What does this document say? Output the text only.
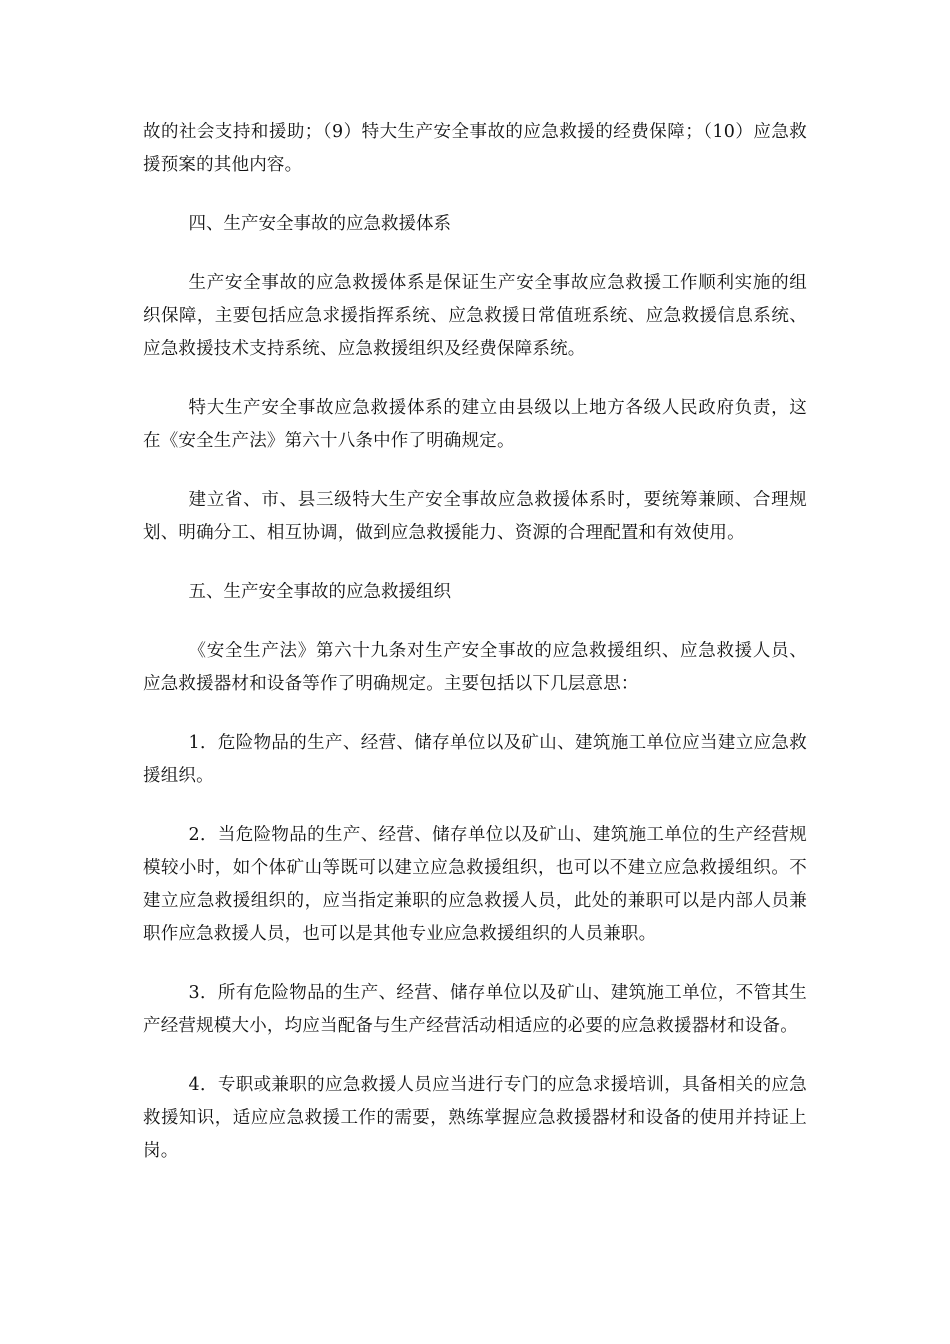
故的社会支持和援助；（9）特大生产安全事故的应急救援的经费保障；（10）应急救援预案的其他内容。

四、生产安全事故的应急救援体系

生产安全事故的应急救援体系是保证生产安全事故应急救援工作顺利实施的组织保障，主要包括应急求援指挥系统、应急救援日常值班系统、应急救援信息系统、应急救援技术支持系统、应急救援组织及经费保障系统。

特大生产安全事故应急救援体系的建立由县级以上地方各级人民政府负责，这在《安全生产法》第六十八条中作了明确规定。

建立省、市、县三级特大生产安全事故应急救援体系时，要统筹兼顾、合理规划、明确分工、相互协调，做到应急救援能力、资源的合理配置和有效使用。

五、生产安全事故的应急救援组织

《安全生产法》第六十九条对生产安全事故的应急救援组织、应急救援人员、应急救援器材和设备等作了明确规定。主要包括以下几层意思：

1．危险物品的生产、经营、储存单位以及矿山、建筑施工单位应当建立应急救援组织。

2．当危险物品的生产、经营、储存单位以及矿山、建筑施工单位的生产经营规模较小时，如个体矿山等既可以建立应急救援组织，也可以不建立应急救援组织。不建立应急救援组织的，应当指定兼职的应急救援人员，此处的兼职可以是内部人员兼职作应急救援人员，也可以是其他专业应急救援组织的人员兼职。

3．所有危险物品的生产、经营、储存单位以及矿山、建筑施工单位，不管其生产经营规模大小，均应当配备与生产经营活动相适应的必要的应急救援器材和设备。

4．专职或兼职的应急救援人员应当进行专门的应急求援培训，具备相关的应急救援知识，适应应急救援工作的需要，熟练掌握应急救援器材和设备的使用并持证上岗。
